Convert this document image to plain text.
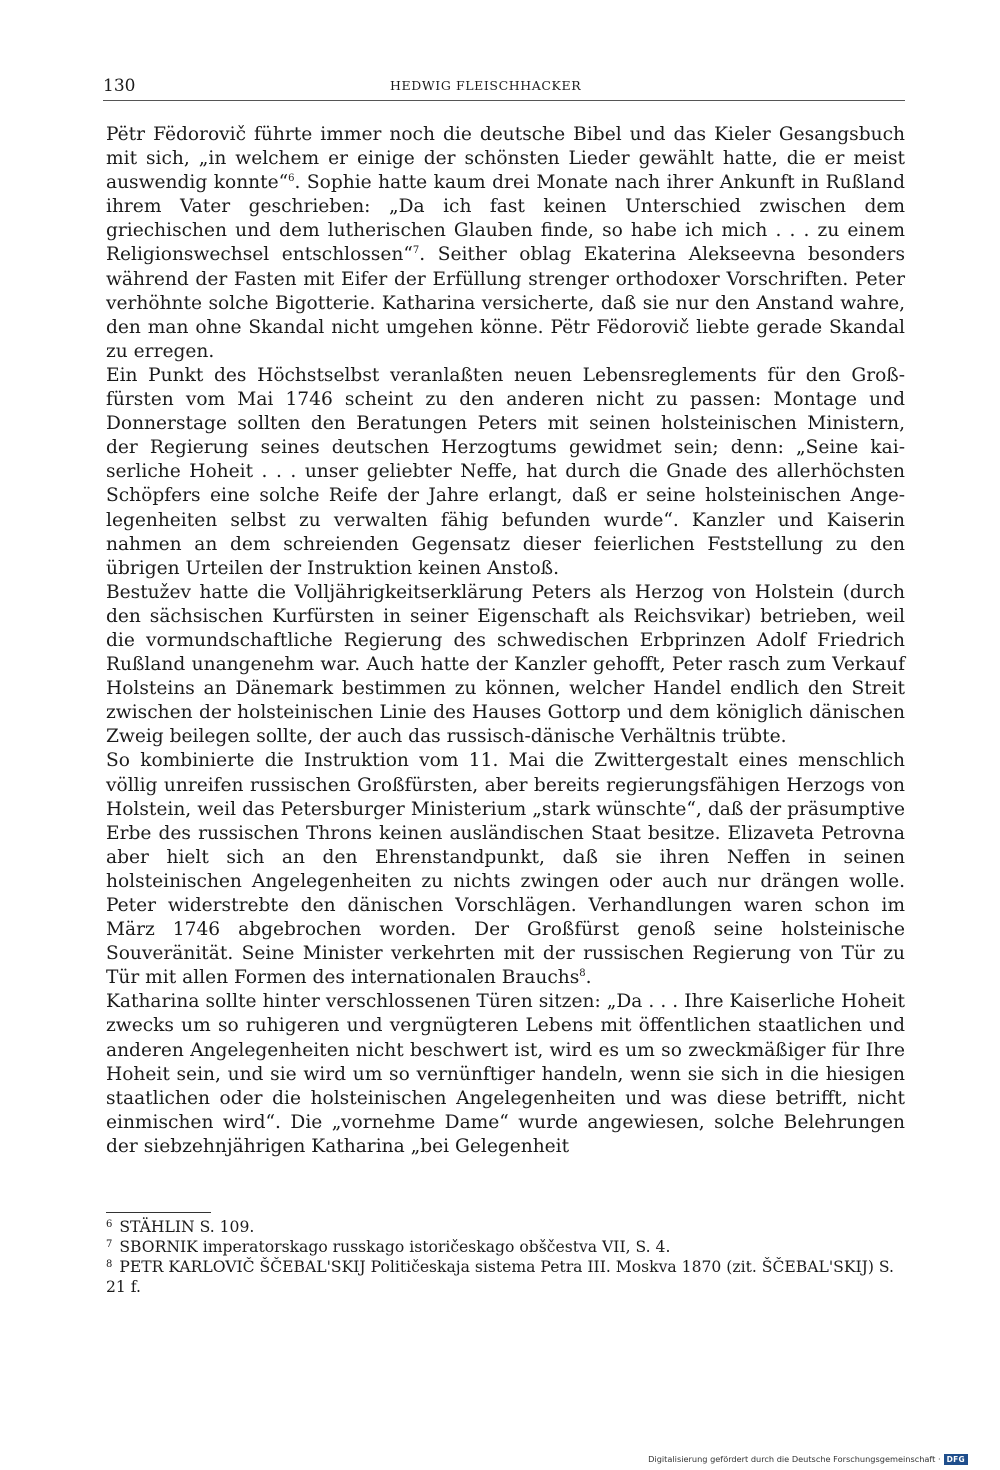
130	HEDWIG FLEISCHHACKER

Pëtr Fëdorovič führte immer noch die deutsche Bibel und das Kieler Gesangsbuch mit sich, „in welchem er einige der schönsten Lieder gewählt hatte, die er meist auswendig konnte“$^6$. Sophie hatte kaum drei Monate nach ihrer Ankunft in Rußland ihrem Vater geschrieben: „Da ich fast keinen Unterschied zwischen dem griechischen und dem lutherischen Glauben finde, so habe ich mich . . . zu einem Religionswechsel entschlossen“$^7$. Seither oblag Ekaterina Alekseevna besonders während der Fasten mit Eifer der Erfüllung strenger orthodoxer Vorschriften. Peter verhöhnte solche Bigotterie. Katharina versicherte, daß sie nur den Anstand wahre, den man ohne Skandal nicht umgehen könne. Pëtr Fëdorovič liebte gerade Skandal zu erregen.

Ein Punkt des Höchstselbst veranlaßten neuen Lebensreglements für den Großfürsten vom Mai 1746 scheint zu den anderen nicht zu passen: Montage und Donnerstage sollten den Beratungen Peters mit seinen holsteinischen Ministern, der Regierung seines deutschen Herzogtums gewidmet sein; denn: „Seine kaiserliche Hoheit . . . unser geliebter Neffe, hat durch die Gnade des allerhöchsten Schöpfers eine solche Reife der Jahre erlangt, daß er seine holsteinischen Angelegenheiten selbst zu verwalten fähig befunden wurde“. Kanzler und Kaiserin nahmen an dem schreienden Gegensatz dieser feierlichen Feststellung zu den übrigen Urteilen der Instruktion keinen Anstoß.

Bestužev hatte die Volljährigkeitserklärung Peters als Herzog von Holstein (durch den sächsischen Kurfürsten in seiner Eigenschaft als Reichsvikar) betrieben, weil die vormundschaftliche Regierung des schwedischen Erbprinzen Adolf Friedrich Rußland unangenehm war. Auch hatte der Kanzler gehofft, Peter rasch zum Verkauf Holsteins an Dänemark bestimmen zu können, welcher Handel endlich den Streit zwischen der holsteinischen Linie des Hauses Gottorp und dem königlich dänischen Zweig beilegen sollte, der auch das russisch-dänische Verhältnis trübte.

So kombinierte die Instruktion vom 11. Mai die Zwittergestalt eines menschlich völlig unreifen russischen Großfürsten, aber bereits regierungsfähigen Herzogs von Holstein, weil das Petersburger Ministerium „stark wünschte“, daß der präsumptive Erbe des russischen Throns keinen ausländischen Staat besitze. Elizaveta Petrovna aber hielt sich an den Ehrenstandpunkt, daß sie ihren Neffen in seinen holsteinischen Angelegenheiten zu nichts zwingen oder auch nur drängen wolle. Peter widerstrebte den dänischen Vorschlägen. Verhandlungen waren schon im März 1746 abgebrochen worden. Der Großfürst genoß seine holsteinische Souveränität. Seine Minister verkehrten mit der russischen Regierung von Tür zu Tür mit allen Formen des internationalen Brauchs$^8$.

Katharina sollte hinter verschlossenen Türen sitzen: „Da . . . Ihre Kaiserliche Hoheit zwecks um so ruhigeren und vergnügteren Lebens mit öffentlichen staatlichen und anderen Angelegenheiten nicht beschwert ist, wird es um so zweckmäßiger für Ihre Hoheit sein, und sie wird um so vernünftiger handeln, wenn sie sich in die hiesigen staatlichen oder die holsteinischen Angelegenheiten und was diese betrifft, nicht einmischen wird“. Die „vornehme Dame“ wurde angewiesen, solche Belehrungen der siebzehnjährigen Katharina „bei Gelegenheit

$^6$ STÄHLIN S. 109.

$^7$ SBORNIK imperatorskago russkago istoričeskago obščestva VII, S. 4.

$^8$ PETR KARLOVIČ ŠČEBAL'SKIJ Političeskaja sistema Petra III. Moskva 1870 (zit. ŠČEBAL'SKIJ) S. 21 f.

Digitalisierung gefördert durch die Deutsche Forschungsgemeinschaft · DFG
